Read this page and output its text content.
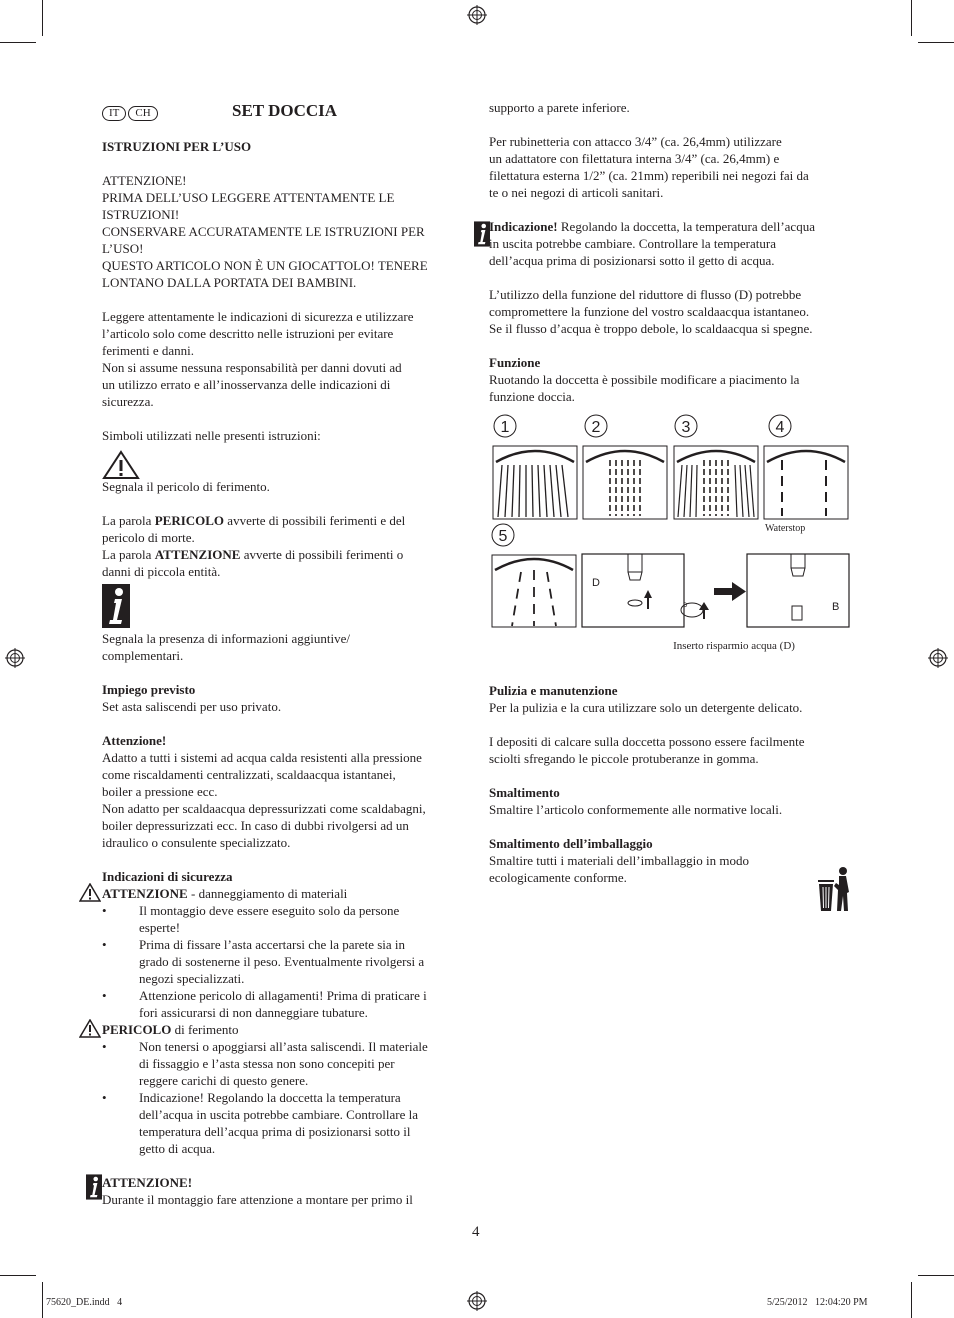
IT CH	SET DOCCIA

ISTRUZIONI PER L’USO

ATTENZIONE!

PRIMA DELL’USO LEGGERE ATTENTAMENTE LE

ISTRUZIONI!

CONSERVARE ACCURATAMENTE LE ISTRUZIONI PER

L’USO!

QUESTO ARTICOLO NON È UN GIOCATTOLO! TENERE

LONTANO DALLA PORTATA DEI BAMBINI.

Leggere attentamente le indicazioni di sicurezza e utilizzare

l’articolo solo come descritto nelle istruzioni per evitare

ferimenti e danni.

Non si assume nessuna responsabilità per danni dovuti ad

un utilizzo errato e all’inosservanza delle indicazioni di

sicurezza.

Simboli utilizzati nelle presenti istruzioni:

Segnala il pericolo di ferimento.

La parola PERICOLO avverte di possibili ferimenti e del

pericolo di morte.

La parola ATTENZIONE avverte di possibili ferimenti o

danni di piccola entità.

Segnala la presenza di informazioni aggiuntive/

complementari.

Impiego previsto

Set asta saliscendi per uso privato.

Attenzione!

Adatto a tutti i sistemi ad acqua calda resistenti alla pressione

come riscaldamenti centralizzati, scaldaacqua istantanei,

boiler a pressione ecc.

Non adatto per scaldaacqua depressurizzati come scaldabagni,

boiler depressurizzati ecc. In caso di dubbi rivolgersi ad un

idraulico o consulente specializzato.

Indicazioni di sicurezza

ATTENZIONE - danneggiamento di materiali

• Il montaggio deve essere eseguito solo da persone

esperte!

• Prima di fissare l’asta accertarsi che la parete sia in

grado di sostenerne il peso. Eventualmente rivolgersi a

negozi specializzati.

• Attenzione pericolo di allagamenti! Prima di praticare i

fori assicurarsi di non danneggiare tubature.

PERICOLO di ferimento

• Non tenersi o apoggiarsi all’asta saliscendi. Il materiale

di fissaggio e l’asta stessa non sono concepiti per

reggere carichi di questo genere.

• Indicazione! Regolando la doccetta la temperatura

dell’acqua in uscita potrebbe cambiare. Controllare la

temperatura dell’acqua prima di posizionarsi sotto il

getto di acqua.

ATTENZIONE!

Durante il montaggio fare attenzione a montare per primo il

supporto a parete inferiore.

Per rubinetteria con attacco 3/4” (ca. 26,4mm) utilizzare

un adattatore con filettatura interna 3/4” (ca. 26,4mm) e

filettatura esterna 1/2” (ca. 21mm) reperibili nei negozi fai da

te o nei negozi di articoli sanitari.

Indicazione! Regolando la doccetta, la temperatura dell’acqua

in uscita potrebbe cambiare. Controllare la temperatura

dell’acqua prima di posizionarsi sotto il getto di acqua.

L’utilizzo della funzione del riduttore di flusso (D) potrebbe

compromettere la funzione del vostro scaldaacqua istantaneo.

Se il flusso d’acqua è troppo debole, lo scaldaacqua si spegne.

Funzione

Ruotando la doccetta è possibile modificare a piacimento la

funzione doccia.

1	2	3	4
5	Waterstop
D
D	B
Inserto risparmio acqua (D)

Pulizia e manutenzione

Per la pulizia e la cura utilizzare solo un detergente delicato.

I depositi di calcare sulla doccetta possono essere facilmente

sciolti sfregando le piccole protuberanze in gomma.

Smaltimento

Smaltire l’articolo conformemente alle normative locali.

Smaltimento dell’imballaggio

Smaltire tutti i materiali dell’imballaggio in modo

ecologicamente conforme.

4
75620_DE.indd   4	5/25/2012   12:04:20 PM
